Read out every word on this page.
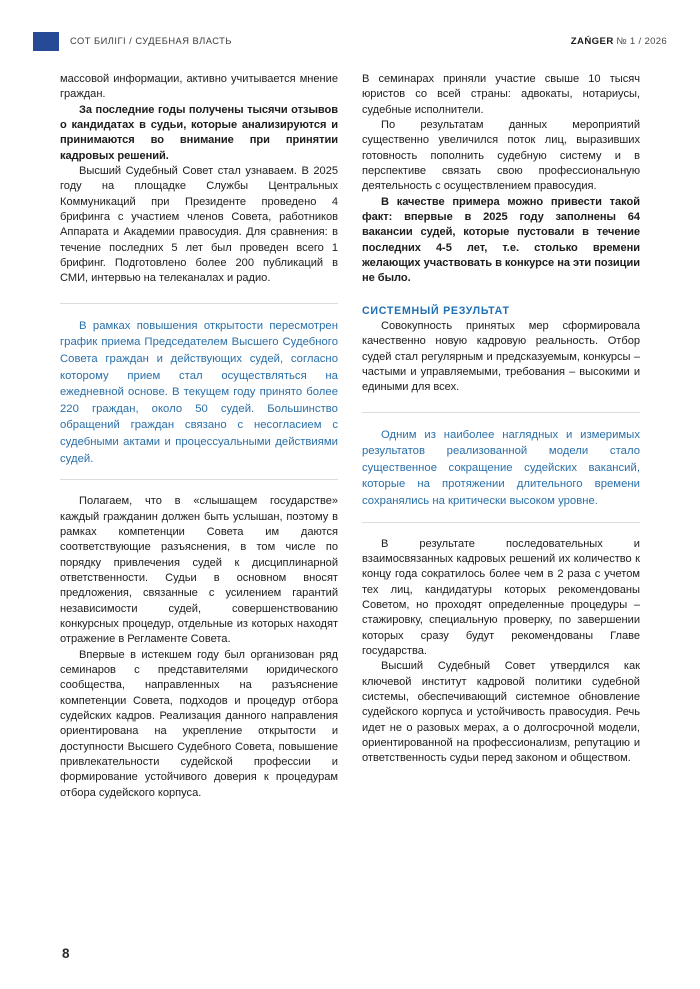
СОТ БИЛІГІ / СУДЕБНАЯ ВЛАСТЬ	ZAŃGER № 1 / 2026

массовой информации, активно учитывается мнение граждан.

За последние годы получены тысячи отзывов о кандидатах в судьи, которые анализируются и принимаются во внимание при принятии кадровых решений.

Высший Судебный Совет стал узнаваем. В 2025 году на площадке Службы Центральных Коммуникаций при Президенте проведено 4 брифинга с участием членов Совета, работников Аппарата и Академии правосудия. Для сравнения: в течение последних 5 лет был проведен всего 1 брифинг. Подготовлено более 200 публикаций в СМИ, интервью на телеканалах и радио.

В рамках повышения открытости пересмотрен график приема Председателем Высшего Судебного Совета граждан и действующих судей, согласно которому прием стал осуществляться на ежедневной основе. В текущем году принято более 220 граждан, около 50 судей. Большинство обращений граждан связано с несогласием с судебными актами и процессуальными действиями судей.

Полагаем, что в «слышащем государстве» каждый гражданин должен быть услышан, поэтому в рамках компетенции Совета им даются соответствующие разъяснения, в том числе по порядку привлечения судей к дисциплинарной ответственности. Судьи в основном вносят предложения, связанные с усилением гарантий независимости судей, совершенствованию конкурсных процедур, отдельные из которых находят отражение в Регламенте Совета.

Впервые в истекшем году был организован ряд семинаров с представителями юридического сообщества, направленных на разъяснение компетенции Совета, подходов и процедур отбора судейских кадров. Реализация данного направления ориентирована на укрепление открытости и доступности Высшего Судебного Совета, повышение привлекательности судейской профессии и формирование устойчивого доверия к процедурам отбора судейского корпуса.

В семинарах приняли участие свыше 10 тысяч юристов со всей страны: адвокаты, нотариусы, судебные исполнители.

По результатам данных мероприятий существенно увеличился поток лиц, выразивших готовность пополнить судебную систему и в перспективе связать свою профессиональную деятельность с осуществлением правосудия.

В качестве примера можно привести такой факт: впервые в 2025 году заполнены 64 вакансии судей, которые пустовали в течение последних 4-5 лет, т.е. столько времени желающих участвовать в конкурсе на эти позиции не было.

СИСТЕМНЫЙ РЕЗУЛЬТАТ

Совокупность принятых мер сформировала качественно новую кадровую реальность. Отбор судей стал регулярным и предсказуемым, конкурсы – частыми и управляемыми, требования – высокими и едиными для всех.

Одним из наиболее наглядных и измеримых результатов реализованной модели стало существенное сокращение судейских вакансий, которые на протяжении длительного времени сохранялись на критически высоком уровне.

В результате последовательных и взаимосвязанных кадровых решений их количество к концу года сократилось более чем в 2 раза с учетом тех лиц, кандидатуры которых рекомендованы Советом, но проходят определенные процедуры – стажировку, специальную проверку, по завершении которых сразу будут рекомендованы Главе государства.

Высший Судебный Совет утвердился как ключевой институт кадровой политики судебной системы, обеспечивающий системное обновление судейского корпуса и устойчивость правосудия. Речь идет не о разовых мерах, а о долгосрочной модели, ориентированной на профессионализм, репутацию и ответственность судьи перед законом и обществом.

8
